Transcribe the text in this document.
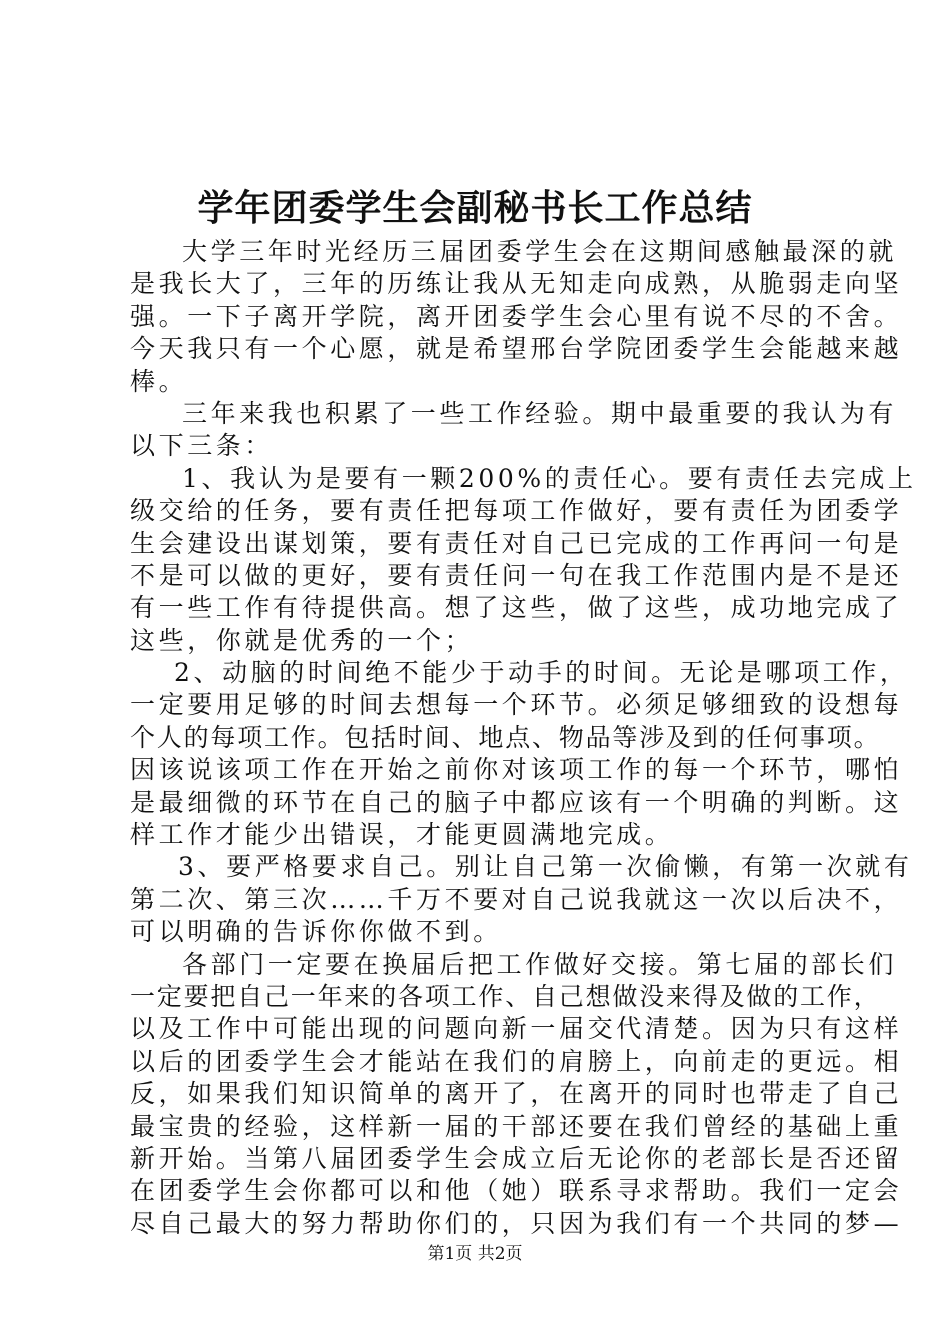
学年团委学生会副秘书长工作总结
大学三年时光经历三届团委学生会在这期间感触最深的就
是我长大了，三年的历练让我从无知走向成熟，从脆弱走向坚
强。一下子离开学院，离开团委学生会心里有说不尽的不舍。
今天我只有一个心愿，就是希望邢台学院团委学生会能越来越
棒。
三年来我也积累了一些工作经验。期中最重要的我认为有
以下三条：
1、我认为是要有一颗200%的责任心。要有责任去完成上
级交给的任务，要有责任把每项工作做好，要有责任为团委学
生会建设出谋划策，要有责任对自己已完成的工作再问一句是
不是可以做的更好，要有责任问一句在我工作范围内是不是还
有一些工作有待提供高。想了这些，做了这些，成功地完成了
这些，你就是优秀的一个；
2、动脑的时间绝不能少于动手的时间。无论是哪项工作，
一定要用足够的时间去想每一个环节。必须足够细致的设想每
个人的每项工作。包括时间、地点、物品等涉及到的任何事项。
因该说该项工作在开始之前你对该项工作的每一个环节，哪怕
是最细微的环节在自己的脑子中都应该有一个明确的判断。这
样工作才能少出错误，才能更圆满地完成。
3、要严格要求自己。别让自己第一次偷懒，有第一次就有
第二次、第三次……千万不要对自己说我就这一次以后决不，
可以明确的告诉你你做不到。
各部门一定要在换届后把工作做好交接。第七届的部长们
一定要把自己一年来的各项工作、自己想做没来得及做的工作，
以及工作中可能出现的问题向新一届交代清楚。因为只有这样
以后的团委学生会才能站在我们的肩膀上，向前走的更远。相
反，如果我们知识简单的离开了，在离开的同时也带走了自己
最宝贵的经验，这样新一届的干部还要在我们曾经的基础上重
新开始。当第八届团委学生会成立后无论你的老部长是否还留
在团委学生会你都可以和他（她）联系寻求帮助。我们一定会
尽自己最大的努力帮助你们的，只因为我们有一个共同的梦—
第1页 共2页
